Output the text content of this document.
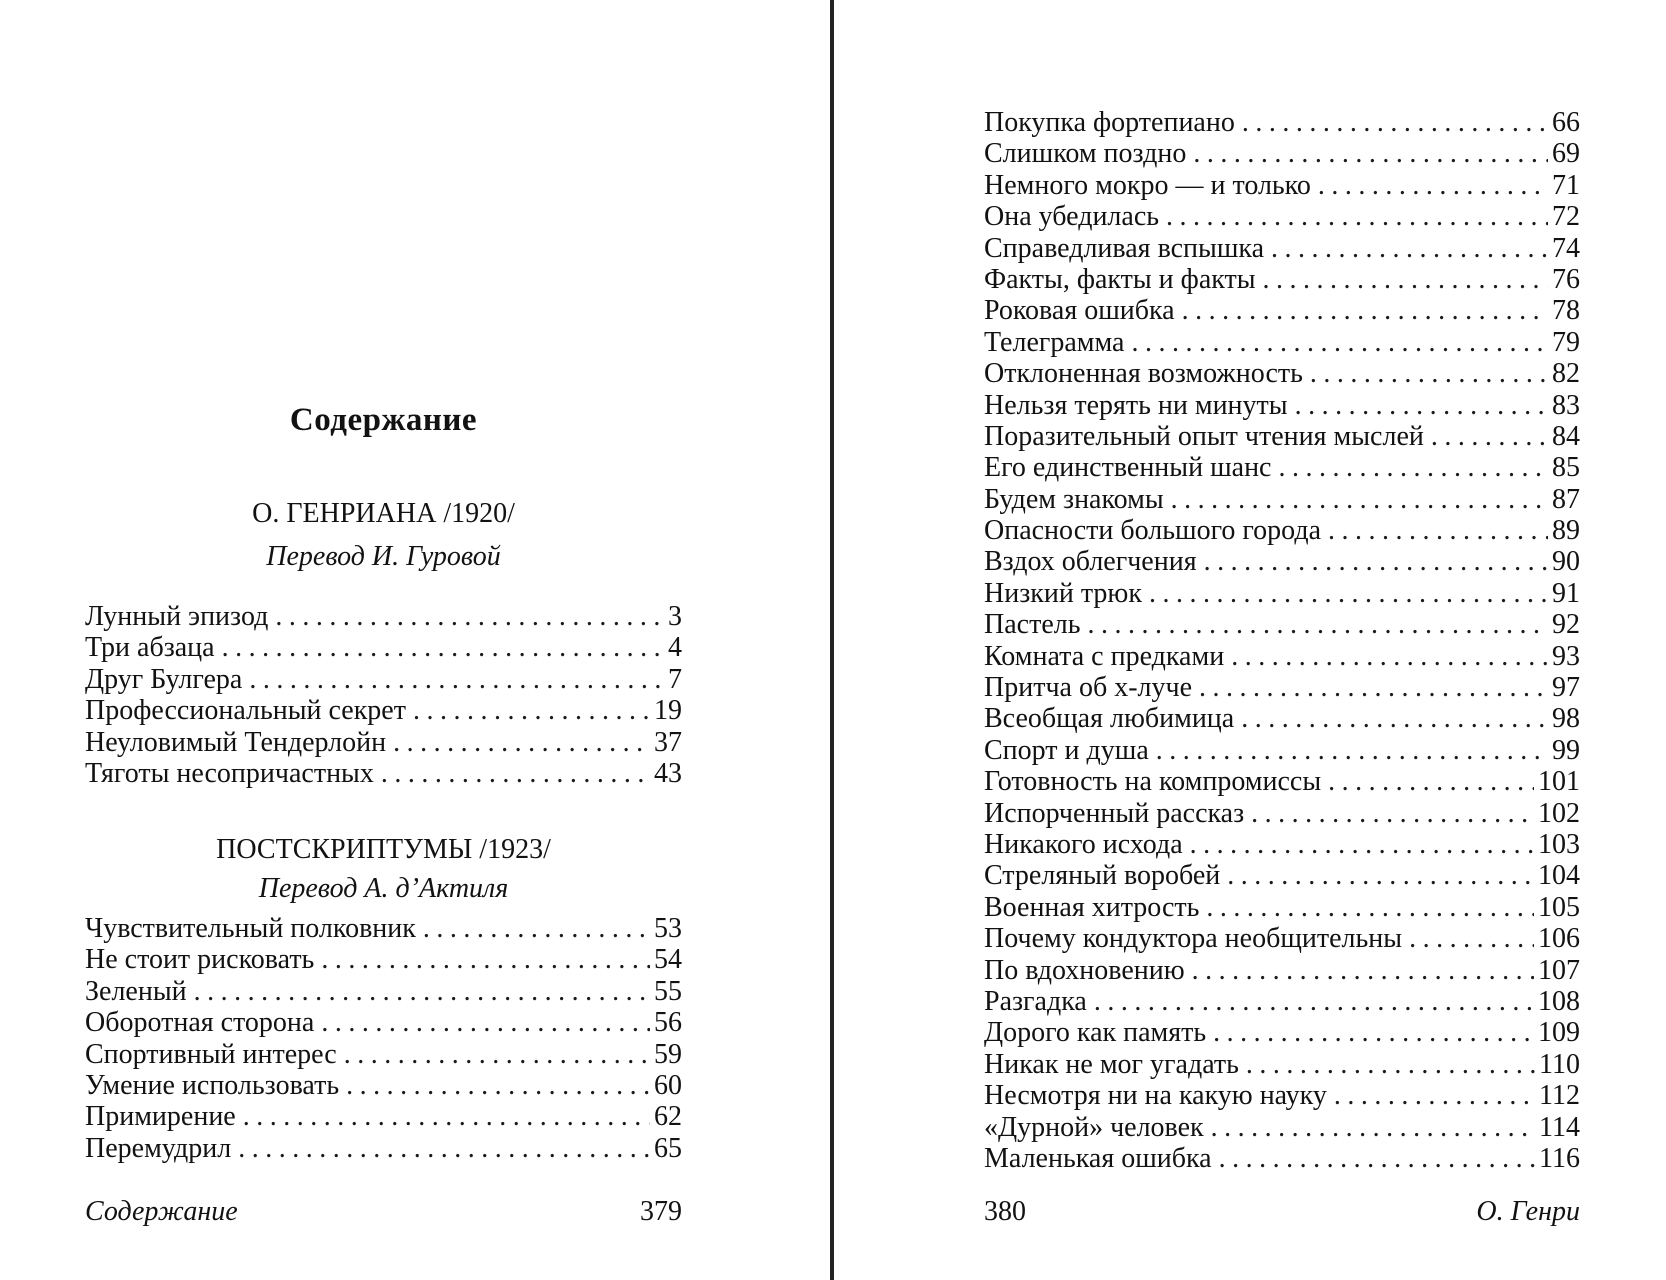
Содержание
О. ГЕНРИАНА /1920/
Перевод И. Гуровой
Лунный эпизод .....	3
Три абзаца .....	4
Друг Булгера .....	7
Профессиональный секрет .....	19
Неуловимый Тендерлойн .....	37
Тяготы несопричастных .....	43
ПОСТСКРИПТУМЫ /1923/
Перевод А. д’Актиля
Чувствительный полковник .....	53
Не стоит рисковать .....	54
Зеленый .....	55
Оборотная сторона .....	56
Спортивный интерес .....	59
Умение использовать .....	60
Примирение .....	62
Перемудрил .....	65
Содержание	379
Покупка фортепиано .....	66
Слишком поздно .....	69
Немного мокро — и только .....	71
Она убедилась .....	72
Справедливая вспышка .....	74
Факты, факты и факты .....	76
Роковая ошибка .....	78
Телеграмма .....	79
Отклоненная возможность .....	82
Нельзя терять ни минуты .....	83
Поразительный опыт чтения мыслей .....	84
Его единственный шанс .....	85
Будем знакомы .....	87
Опасности большого города .....	89
Вздох облегчения .....	90
Низкий трюк .....	91
Пастель .....	92
Комната с предками .....	93
Притча об х-луче .....	97
Всеобщая любимица .....	98
Спорт и душа .....	99
Готовность на компромиссы .....	101
Испорченный рассказ .....	102
Никакого исхода .....	103
Стреляный воробей .....	104
Военная хитрость .....	105
Почему кондуктора необщительны .....	106
По вдохновению .....	107
Разгадка .....	108
Дорого как память .....	109
Никак не мог угадать .....	110
Несмотря ни на какую науку .....	112
«Дурной» человек .....	114
Маленькая ошибка .....	116
380	О. Генри
